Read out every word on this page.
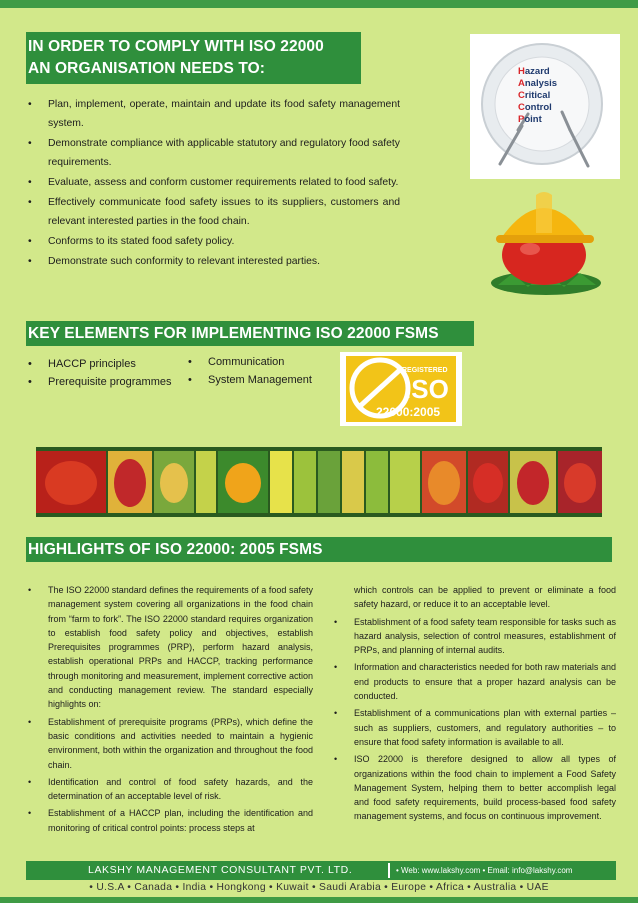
IN ORDER TO COMPLY WITH ISO 22000
AN ORGANISATION NEEDS TO:
• Plan, implement, operate, maintain and update its food safety management system.
• Demonstrate compliance with applicable statutory and regulatory food safety requirements.
• Evaluate, assess and conform customer requirements related to food safety.
• Effectively communicate food safety issues to its suppliers, customers and relevant interested parties in the food chain.
• Conforms to its stated food safety policy.
• Demonstrate such conformity to relevant interested parties.
Hazard
Analysis
Critical
Control
Point
KEY ELEMENTS FOR IMPLEMENTING ISO 22000 FSMS
• HACCP principles
• Prerequisite programmes
• Communication
• System Management
REGISTERED
ISO
22000:2005
HIGHLIGHTS OF ISO 22000: 2005 FSMS
• The ISO 22000 standard defines the requirements of a food safety management system covering all organizations in the food chain from “farm to fork”. The ISO 22000 standard requires organization to establish food safety policy and objectives, establish Prerequisites programmes (PRP), perform hazard analysis, establish operational PRPs and HACCP, tracking performance through monitoring and measurement, implement corrective action and conducting management review. The standard especially highlights on:
• Establishment of prerequisite programs (PRPs), which define the basic conditions and activities needed to maintain a hygienic environment, both within the organization and throughout the food chain.
• Identification and control of food safety hazards, and the determination of an acceptable level of risk.
• Establishment of a HACCP plan, including the identification and monitoring of critical control points: process steps at
which controls can be applied to prevent or eliminate a food safety hazard, or reduce it to an acceptable level.
• Establishment of a food safety team responsible for tasks such as hazard analysis, selection of control measures, establishment of PRPs, and planning of internal audits.
• Information and characteristics needed for both raw materials and end products to ensure that a proper hazard analysis can be conducted.
• Establishment of a communications plan with external parties – such as suppliers, customers, and regulatory authorities – to ensure that food safety information is available to all.
• ISO 22000 is therefore designed to allow all types of organizations within the food chain to implement a Food Safety Management System, helping them to better accomplish legal and food safety requirements, build process-based food safety management systems, and focus on continuous improvement.
LAKSHY MANAGEMENT CONSULTANT PVT. LTD.	• Web: www.lakshy.com • Email: info@lakshy.com
• U.S.A • Canada • India • Hongkong • Kuwait • Saudi Arabia • Europe • Africa • Australia • UAE
